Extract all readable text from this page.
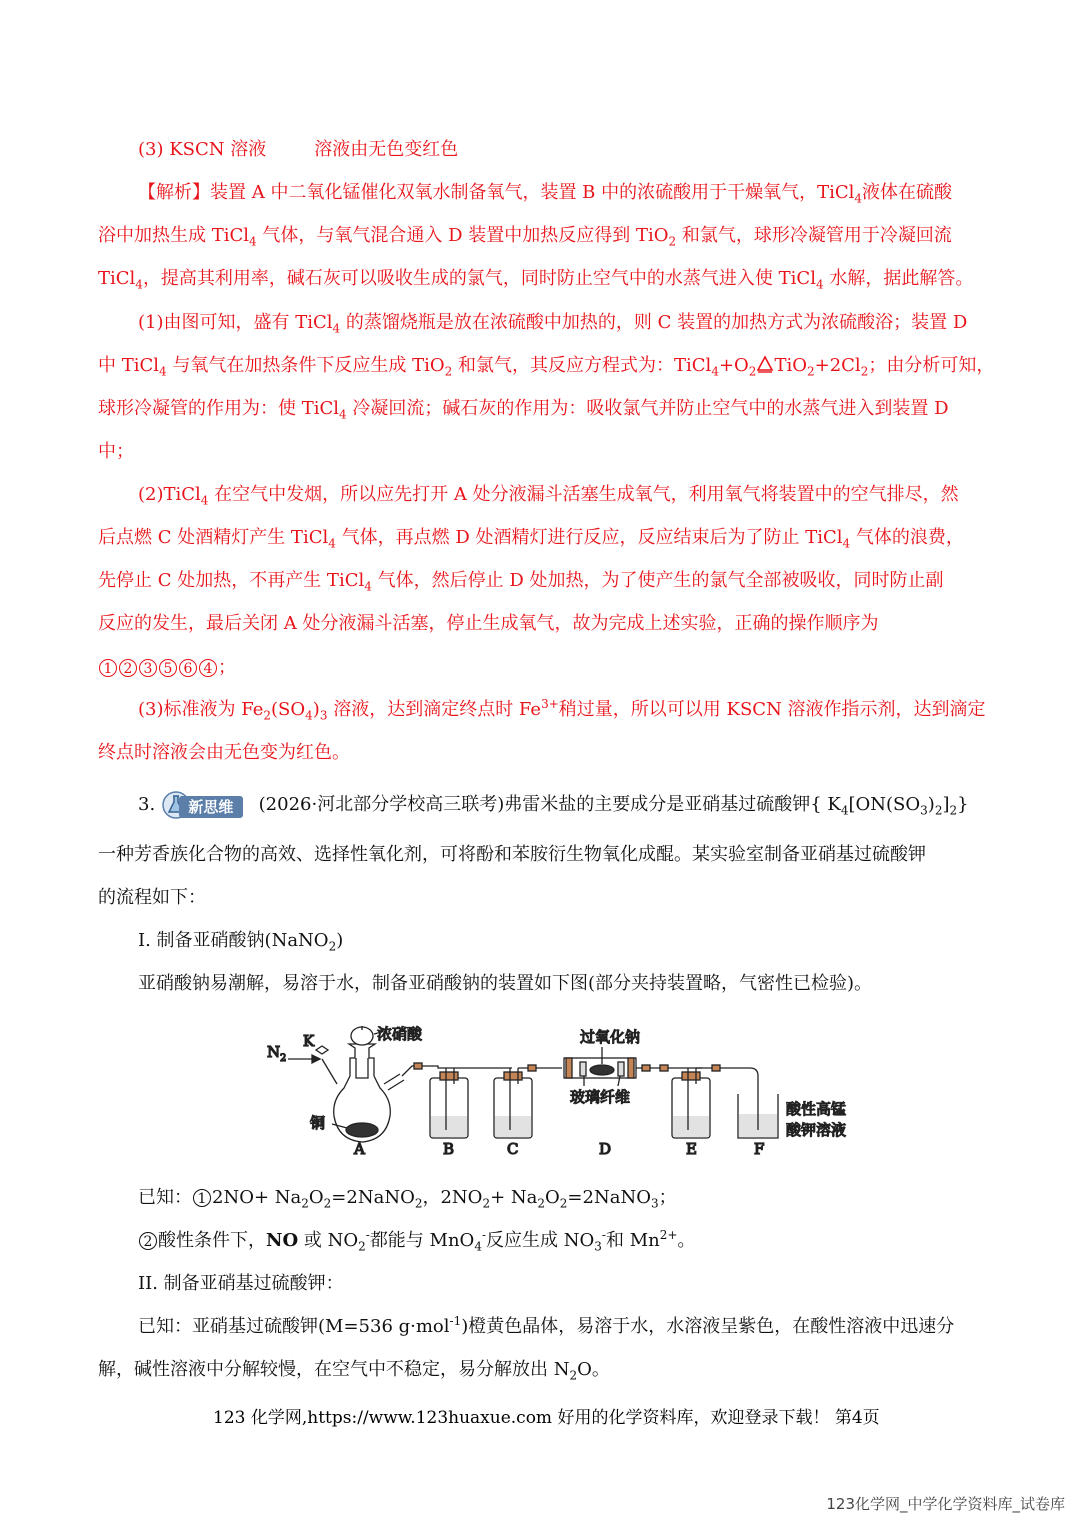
(3) KSCN 溶液	溶液由无色变红色
【解析】装置 A 中二氧化锰催化双氧水制备氧气，装置 B 中的浓硫酸用于干燥氧气，TiCl$_4$液体在硫酸
浴中加热生成 TiCl$_4$ 气体，与氧气混合通入 D 装置中加热反应得到 TiO$_2$ 和氯气，球形冷凝管用于冷凝回流
TiCl$_4$，提高其利用率，碱石灰可以吸收生成的氯气，同时防止空气中的水蒸气进入使 TiCl$_4$ 水解，据此解答。
(1)由图可知，盛有 TiCl$_4$ 的蒸馏烧瓶是放在浓硫酸中加热的，则 C 装置的加热方式为浓硫酸浴；装置 D
中 TiCl$_4$ 与氧气在加热条件下反应生成 TiO$_2$ 和氯气，其反应方程式为：$TiCl_4+O_2$ $TiO_2+2Cl_2$；由分析可知，
球形冷凝管的作用为：使 TiCl$_4$ 冷凝回流；碱石灰的作用为：吸收氯气并防止空气中的水蒸气进入到装置 D
中；
(2)TiCl$_4$ 在空气中发烟，所以应先打开 A 处分液漏斗活塞生成氧气，利用氧气将装置中的空气排尽，然
后点燃 C 处酒精灯产生 TiCl$_4$ 气体，再点燃 D 处酒精灯进行反应，反应结束后为了防止 TiCl$_4$ 气体的浪费，
先停止 C 处加热，不再产生 TiCl$_4$ 气体，然后停止 D 处加热，为了使产生的氯气全部被吸收，同时防止副
反应的发生，最后关闭 A 处分液漏斗活塞，停止生成氧气，故为完成上述实验，正确的操作顺序为
1 2 3 5 6 4 ；
(3)标准液为 $Fe_2(SO_4)_3$ 溶液，达到滴定终点时 $Fe^{3+}$稍过量，所以可以用 KSCN 溶液作指示剂，达到滴定
终点时溶液会由无色变为红色。
3.	新思维	(2026·河北部分学校高三联考)弗雷米盐的主要成分是亚硝基过硫酸钾{ $K_4[ON(SO_3)_2]_2$}
一种芳香族化合物的高效、选择性氧化剂，可将酚和苯胺衍生物氧化成醌。某实验室制备亚硝基过硫酸钾
的流程如下：
I. 制备亚硝酸钠(NaNO$_2$)
亚硝酸钠易潮解，易溶于水，制备亚硝酸钠的装置如下图(部分夹持装置略，气密性已检验)。
N 2
K	浓硝酸
铜
过氧化钠
玻璃纤维
酸性高锰
酸钾溶液
A	B	C	D	E	F
已知： 1 $2NO+ Na_2O_2=2NaNO_2$，$2NO_2+$ $Na_2O_2=2NaNO_3$；
2 酸性条件下，NO 或 $NO_2^-$都能与 MnO$_4$-反应生成 $NO_3^-$和 $Mn^{2+}$。
II. 制备亚硝基过硫酸钾：
已知：亚硝基过硫酸钾(M=536 g·mol$^{-1}$)橙黄色晶体，易溶于水，水溶液呈紫色，在酸性溶液中迅速分
解，碱性溶液中分解较慢，在空气中不稳定，易分解放出 $N_2O$。
123 化学网,https://www.123huaxue.com 好用的化学资料库，欢迎登录下载！ 第4页
123化学网_中学化学资料库_试卷库
